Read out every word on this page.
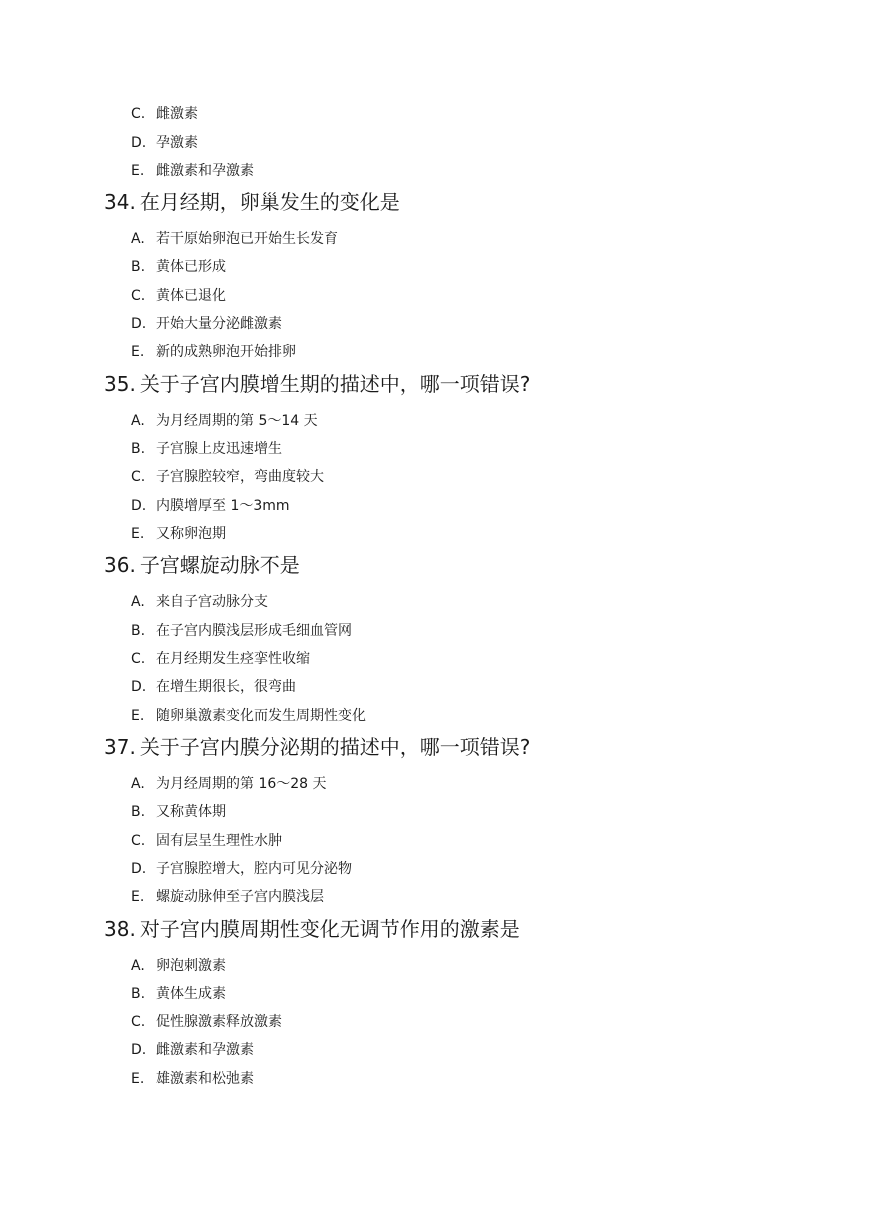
C. 雌激素
D. 孕激素
E. 雌激素和孕激素
34. 在月经期，卵巢发生的变化是
A. 若干原始卵泡已开始生长发育
B. 黄体已形成
C. 黄体已退化
D. 开始大量分泌雌激素
E. 新的成熟卵泡开始排卵
35. 关于子宫内膜增生期的描述中，哪一项错误?
A. 为月经周期的第 5～14 天
B. 子宫腺上皮迅速增生
C. 子宫腺腔较窄，弯曲度较大
D. 内膜增厚至 1～3mm
E. 又称卵泡期
36. 子宫螺旋动脉不是
A. 来自子宫动脉分支
B. 在子宫内膜浅层形成毛细血管网
C. 在月经期发生痉挛性收缩
D. 在增生期很长，很弯曲
E. 随卵巢激素变化而发生周期性变化
37. 关于子宫内膜分泌期的描述中，哪一项错误?
A. 为月经周期的第 16～28 天
B. 又称黄体期
C. 固有层呈生理性水肿
D. 子宫腺腔增大，腔内可见分泌物
E. 螺旋动脉伸至子宫内膜浅层
38. 对子宫内膜周期性变化无调节作用的激素是
A. 卵泡刺激素
B. 黄体生成素
C. 促性腺激素释放激素
D. 雌激素和孕激素
E. 雄激素和松弛素
